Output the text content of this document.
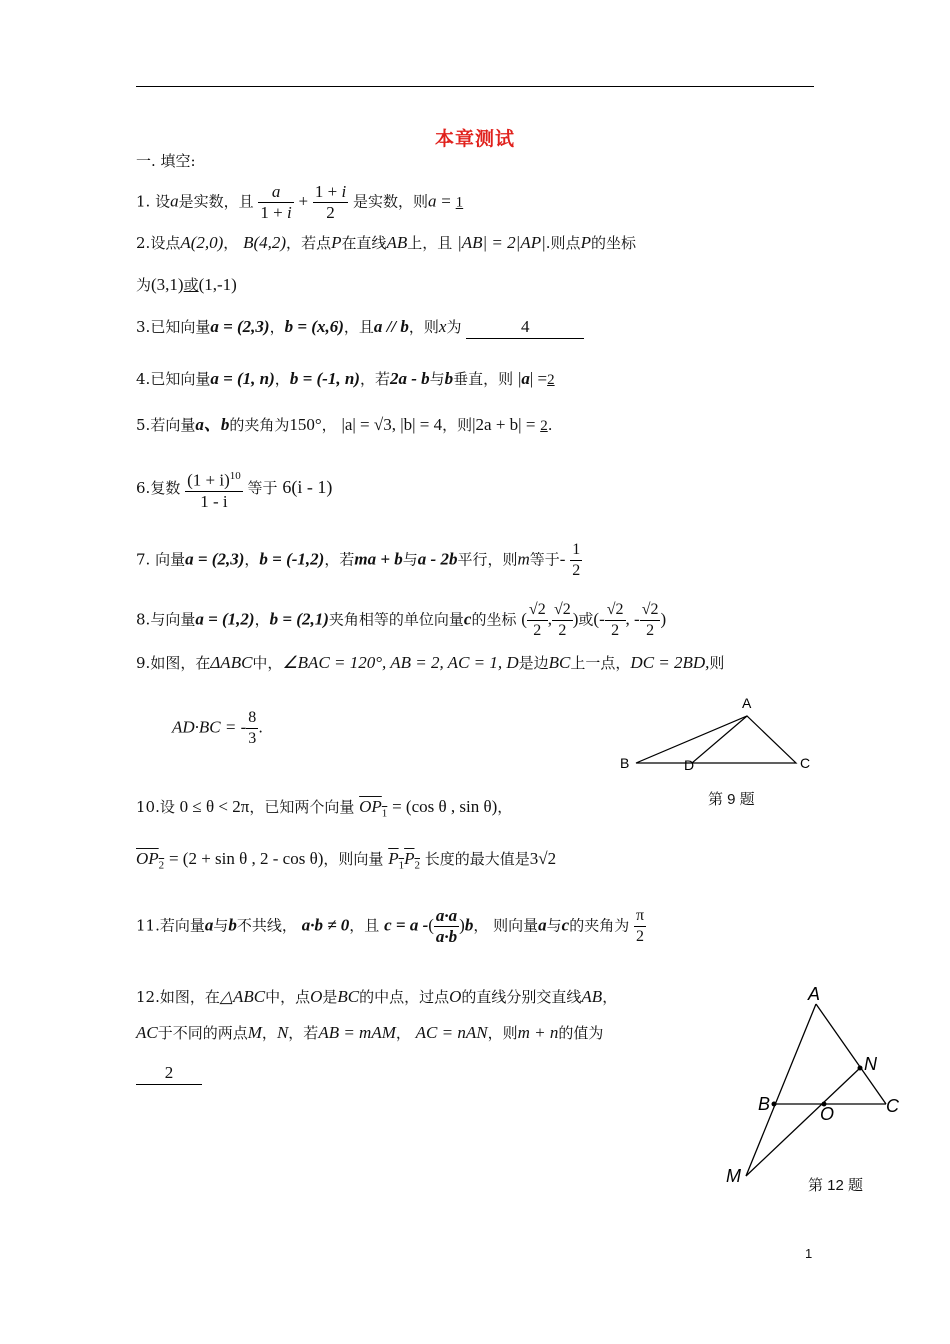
本章测试
一. 填空:
1. 设a是实数，且 $\frac{a}{1 + i} + \frac{1 + i}{2}$ 是实数，则a = 1
2.设点A(2,0)， B(4,2)，若点P在直线AB上，且 |AB| = 2|AP|.则点P的坐标
为(3,1)或(1,-1)
3.已知向量a = (2,3)，b = (x,6)，且a // b，则x为	4
4.已知向量a = (1, n)，b = (-1, n)，若2a - b与b垂直，则 |a| =2
5.若向量a、b的夹角为150°， |a| = √3, |b| = 4，则|2a + b| = 2.
6.复数 $\frac{(1 + i)^{10}}{1 - i}$ 等于 6(i - 1)
7. 向量a = (2,3)，b = (-1,2)，若ma + b与a - 2b平行，则m等于- $\frac{1}{2}$
8.与向量a = (1,2)，b = (2,1)夹角相等的单位向量c的坐标 ( $\frac{√2}{2}$ , $\frac{√2}{2}$ )或(- $\frac{√2}{2}$ , - $\frac{√2}{2}$ )
9.如图，在ΔABC中，∠BAC = 120°, AB = 2, AC = 1, D是边BC上一点，DC = 2BD,则
AD·BC = - $\frac{8}{3}$ .
A
B	D	C
第 9 题
10.设 0 ≤ θ < 2π，已知两个向量 $OP_1 = (\cos$ θ , sin θ)，
$OP_2 = (2 + \sin \theta$ , 2 - cos θ)，则向量 $P_1P_2$ 长度的最大值是3√2
11.若向量a与b不共线， a·b ≠ 0，且 c = a -( $\frac{a\cdot a}{a\cdot b} )b$， 则向量a与c的夹角为 $\frac{\pi}{2}$
12.如图，在△ABC中，点O是BC的中点，过点O的直线分别交直线AB，
AC于不同的两点M，N，若AB = mAM， AC = nAN，则m + n的值为
2
A
N
B	O	C
M	第 12 题
1
